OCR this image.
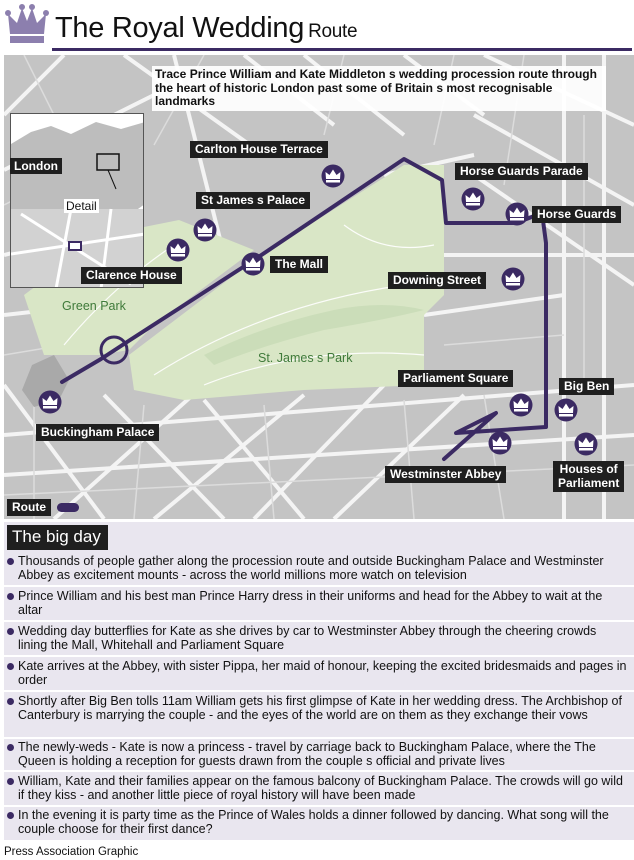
The Royal Wedding Route
London
Detail
Trace Prince William and Kate Middleton s wedding procession route through the heart of historic London past some of Britain s most recognisable landmarks
Green Park
St. James s Park
Carlton House Terrace
St James s Palace
Clarence House
The Mall
Buckingham Palace
Horse Guards Parade
Horse Guards
Downing Street
Parliament Square
Big Ben
Westminster Abbey	Houses of
Parliament
Route
The big day
Thousands of people gather along the procession route and outside Buckingham Palace and Westminster Abbey as excitement mounts - across the world millions more watch on television
Prince William and his best man Prince Harry dress in their uniforms and head for the Abbey to wait at the altar
Wedding day butterflies for Kate as she drives by car to Westminster Abbey through the cheering crowds lining the Mall, Whitehall and Parliament Square
Kate arrives at the Abbey, with sister Pippa, her maid of honour, keeping the excited bridesmaids and pages in order
Shortly after Big Ben tolls 11am William gets his first glimpse of Kate in her wedding dress. The Archbishop of Canterbury is marrying the couple - and the eyes of the world are on them as they exchange their vows
The newly-weds - Kate is now a princess - travel by carriage back to Buckingham Palace, where the The Queen is holding a reception for guests drawn from the couple s official and private lives
William, Kate and their families appear on the famous balcony of Buckingham Palace. The crowds will go wild if they kiss - and another little piece of royal history will have been made
In the evening it is party time as the Prince of Wales holds a dinner followed by dancing. What song will the couple choose for their first dance?
Press Association Graphic
